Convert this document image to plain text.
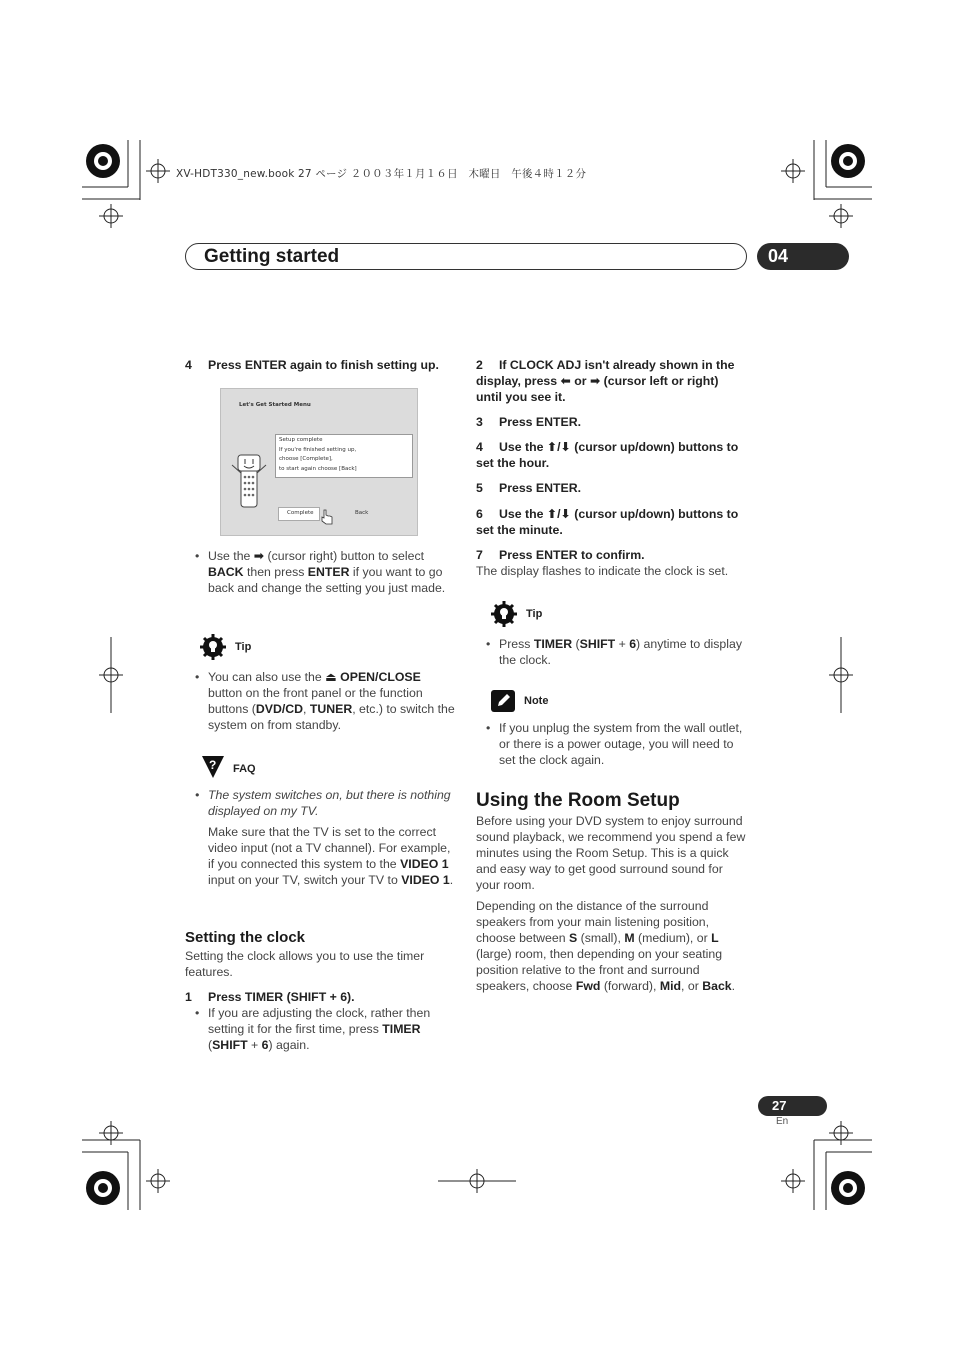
XV-HDT330_new.book 27 ページ ２００３年１月１６日　木曜日　午後４時１２分
Getting started	04
4 Press ENTER again to finish setting up.
Let's Get Started Menu
Setup complete
If you're finished setting up,
choose [Complete],
to start again choose [Back]
Complete	Back
• Use the ➡ (cursor right) button to select BACK then press ENTER if you want to go back and change the setting you just made.
Tip
• You can also use the ⏏ OPEN/CLOSE button on the front panel or the function buttons (DVD/CD, TUNER, etc.) to switch the system on from standby.
? FAQ
• The system switches on, but there is nothing displayed on my TV.
Make sure that the TV is set to the correct video input (not a TV channel). For example, if you connected this system to the VIDEO 1 input on your TV, switch your TV to VIDEO 1.
Setting the clock
Setting the clock allows you to use the timer features.
1 Press TIMER (SHIFT + 6).
• If you are adjusting the clock, rather then setting it for the first time, press TIMER (SHIFT + 6) again.
2 If CLOCK ADJ isn't already shown in the display, press ⬅ or ➡ (cursor left or right) until you see it.
3 Press ENTER.
4 Use the ⬆/⬇ (cursor up/down) buttons to set the hour.
5 Press ENTER.
6 Use the ⬆/⬇ (cursor up/down) buttons to set the minute.
7 Press ENTER to confirm.
The display flashes to indicate the clock is set.
Tip
• Press TIMER (SHIFT + 6) anytime to display the clock.
Note
• If you unplug the system from the wall outlet, or there is a power outage, you will need to set the clock again.
Using the Room Setup
Before using your DVD system to enjoy surround sound playback, we recommend you spend a few minutes using the Room Setup. This is a quick and easy way to get good surround sound for your room.
Depending on the distance of the surround speakers from your main listening position, choose between S (small), M (medium), or L (large) room, then depending on your seating position relative to the front and surround speakers, choose Fwd (forward), Mid, or Back.
27
En
